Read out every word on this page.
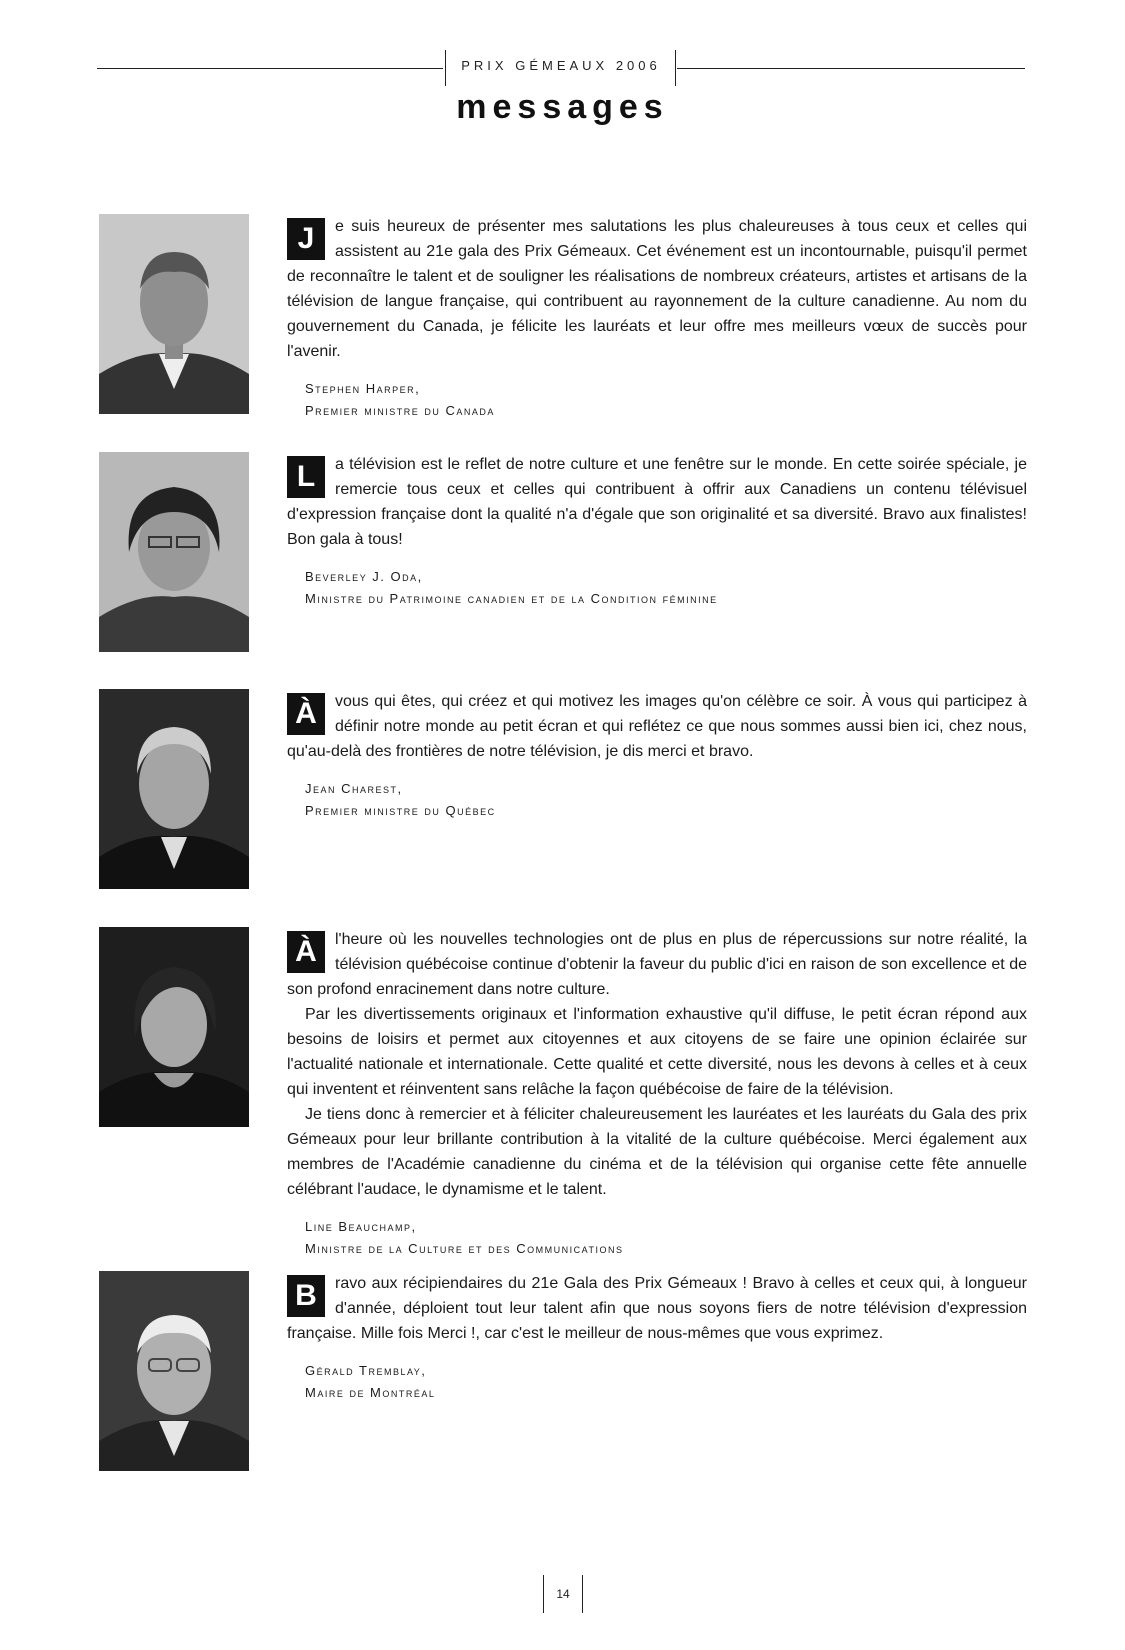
PRIX GÉMEAUX 2006
messages
J	e suis heureux de présenter mes salutations les plus chaleureuses à tous ceux et celles qui assistent au 21e gala des Prix Gémeaux. Cet événement est un incontournable, puisqu'il permet de reconnaître le talent et de souligner les réalisations de nombreux créateurs, artistes et artisans de la télévision de langue française, qui contribuent au rayonnement de la culture canadienne. Au nom du gouvernement du Canada, je félicite les lauréats et leur offre mes meilleurs vœux de succès pour l'avenir.

Stephen Harper,
Premier ministre du Canada
L	a télévision est le reflet de notre culture et une fenêtre sur le monde. En cette soirée spéciale, je remercie tous ceux et celles qui contribuent à offrir aux Canadiens un contenu télévisuel d'expression française dont la qualité n'a d'égale que son originalité et sa diversité. Bravo aux finalistes! Bon gala à tous!

Beverley J. Oda,
Ministre du Patrimoine canadien et de la Condition féminine
À	vous qui êtes, qui créez et qui motivez les images qu'on célèbre ce soir. À vous qui participez à définir notre monde au petit écran et qui reflétez ce que nous sommes aussi bien ici, chez nous, qu'au-delà des frontières de notre télévision, je dis merci et bravo.

Jean Charest,
Premier ministre du Québec
À	l'heure où les nouvelles technologies ont de plus en plus de répercussions sur notre réalité, la télévision québécoise continue d'obtenir la faveur du public d'ici en raison de son excellence et de son profond enracinement dans notre culture.

Par les divertissements originaux et l'information exhaustive qu'il diffuse, le petit écran répond aux besoins de loisirs et permet aux citoyennes et aux citoyens de se faire une opinion éclairée sur l'actualité nationale et internationale. Cette qualité et cette diversité, nous les devons à celles et à ceux qui inventent et réinventent sans relâche la façon québécoise de faire de la télévision.

Je tiens donc à remercier et à féliciter chaleureusement les lauréates et les lauréats du Gala des prix Gémeaux pour leur brillante contribution à la vitalité de la culture québécoise. Merci également aux membres de l'Académie canadienne du cinéma et de la télévision qui organise cette fête annuelle célébrant l'audace, le dynamisme et le talent.

Line Beauchamp,
Ministre de la Culture et des Communications
B	ravo aux récipiendaires du 21e Gala des Prix Gémeaux ! Bravo à celles et ceux qui, à longueur d'année, déploient tout leur talent afin que nous soyons fiers de notre télévision d'expression française. Mille fois Merci !, car c'est le meilleur de nous-mêmes que vous exprimez.

Gérald Tremblay,
Maire de Montréal
14
